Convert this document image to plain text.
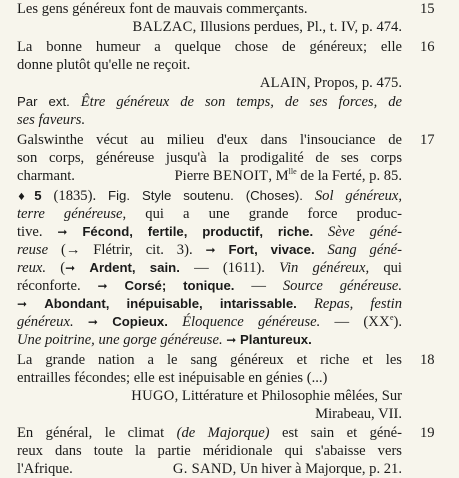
Les gens généreux font de mauvais commerçants.	15
BALZAC, Illusions perdues, Pl., t. IV, p. 474.
La bonne humeur a quelque chose de généreux; elle 16
donne plutôt qu'elle ne reçoit.
ALAIN, Propos, p. 475.
Par ext. Être généreux de son temps, de ses forces, de
ses faveurs.
Galswinthe vécut au milieu d'eux dans l'insouciance de 17
son corps, généreuse jusqu'à la prodigalité de ses corps
charmant.	Pierre BENOIT, $M^{lle}$ de la Ferté, p. 85.
♦5 (1835). Fig. Style soutenu. (Choses). Sol généreux,
terre généreuse, qui a une grande force produc-
tive. ➞ Fécond, fertile, productif, riche. Sève géné-
reuse (→ Flétrir, cit. 3). ➞ Fort, vivace. Sang géné-
reux. (➞ Ardent, sain. — (1611). Vin généreux, qui
réconforte. ➞ Corsé; tonique. — Source généreuse.
➞ Abondant, inépuisable, intarissable. Repas, festin
généreux. ➞ Copieux. Éloquence généreuse. — (XXe).
Une poitrine, une gorge généreuse. ➞ Plantureux.
La grande nation a le sang généreux et riche et les 18
entrailles fécondes; elle est inépuisable en génies (...)
HUGO, Littérature et Philosophie mêlées, Sur
Mirabeau, VII.
En général, le climat (de Majorque) est sain et géné- 19
reux dans toute la partie méridionale qui s'abaisse vers
l'Afrique.	G. SAND, Un hiver à Majorque, p. 21.
